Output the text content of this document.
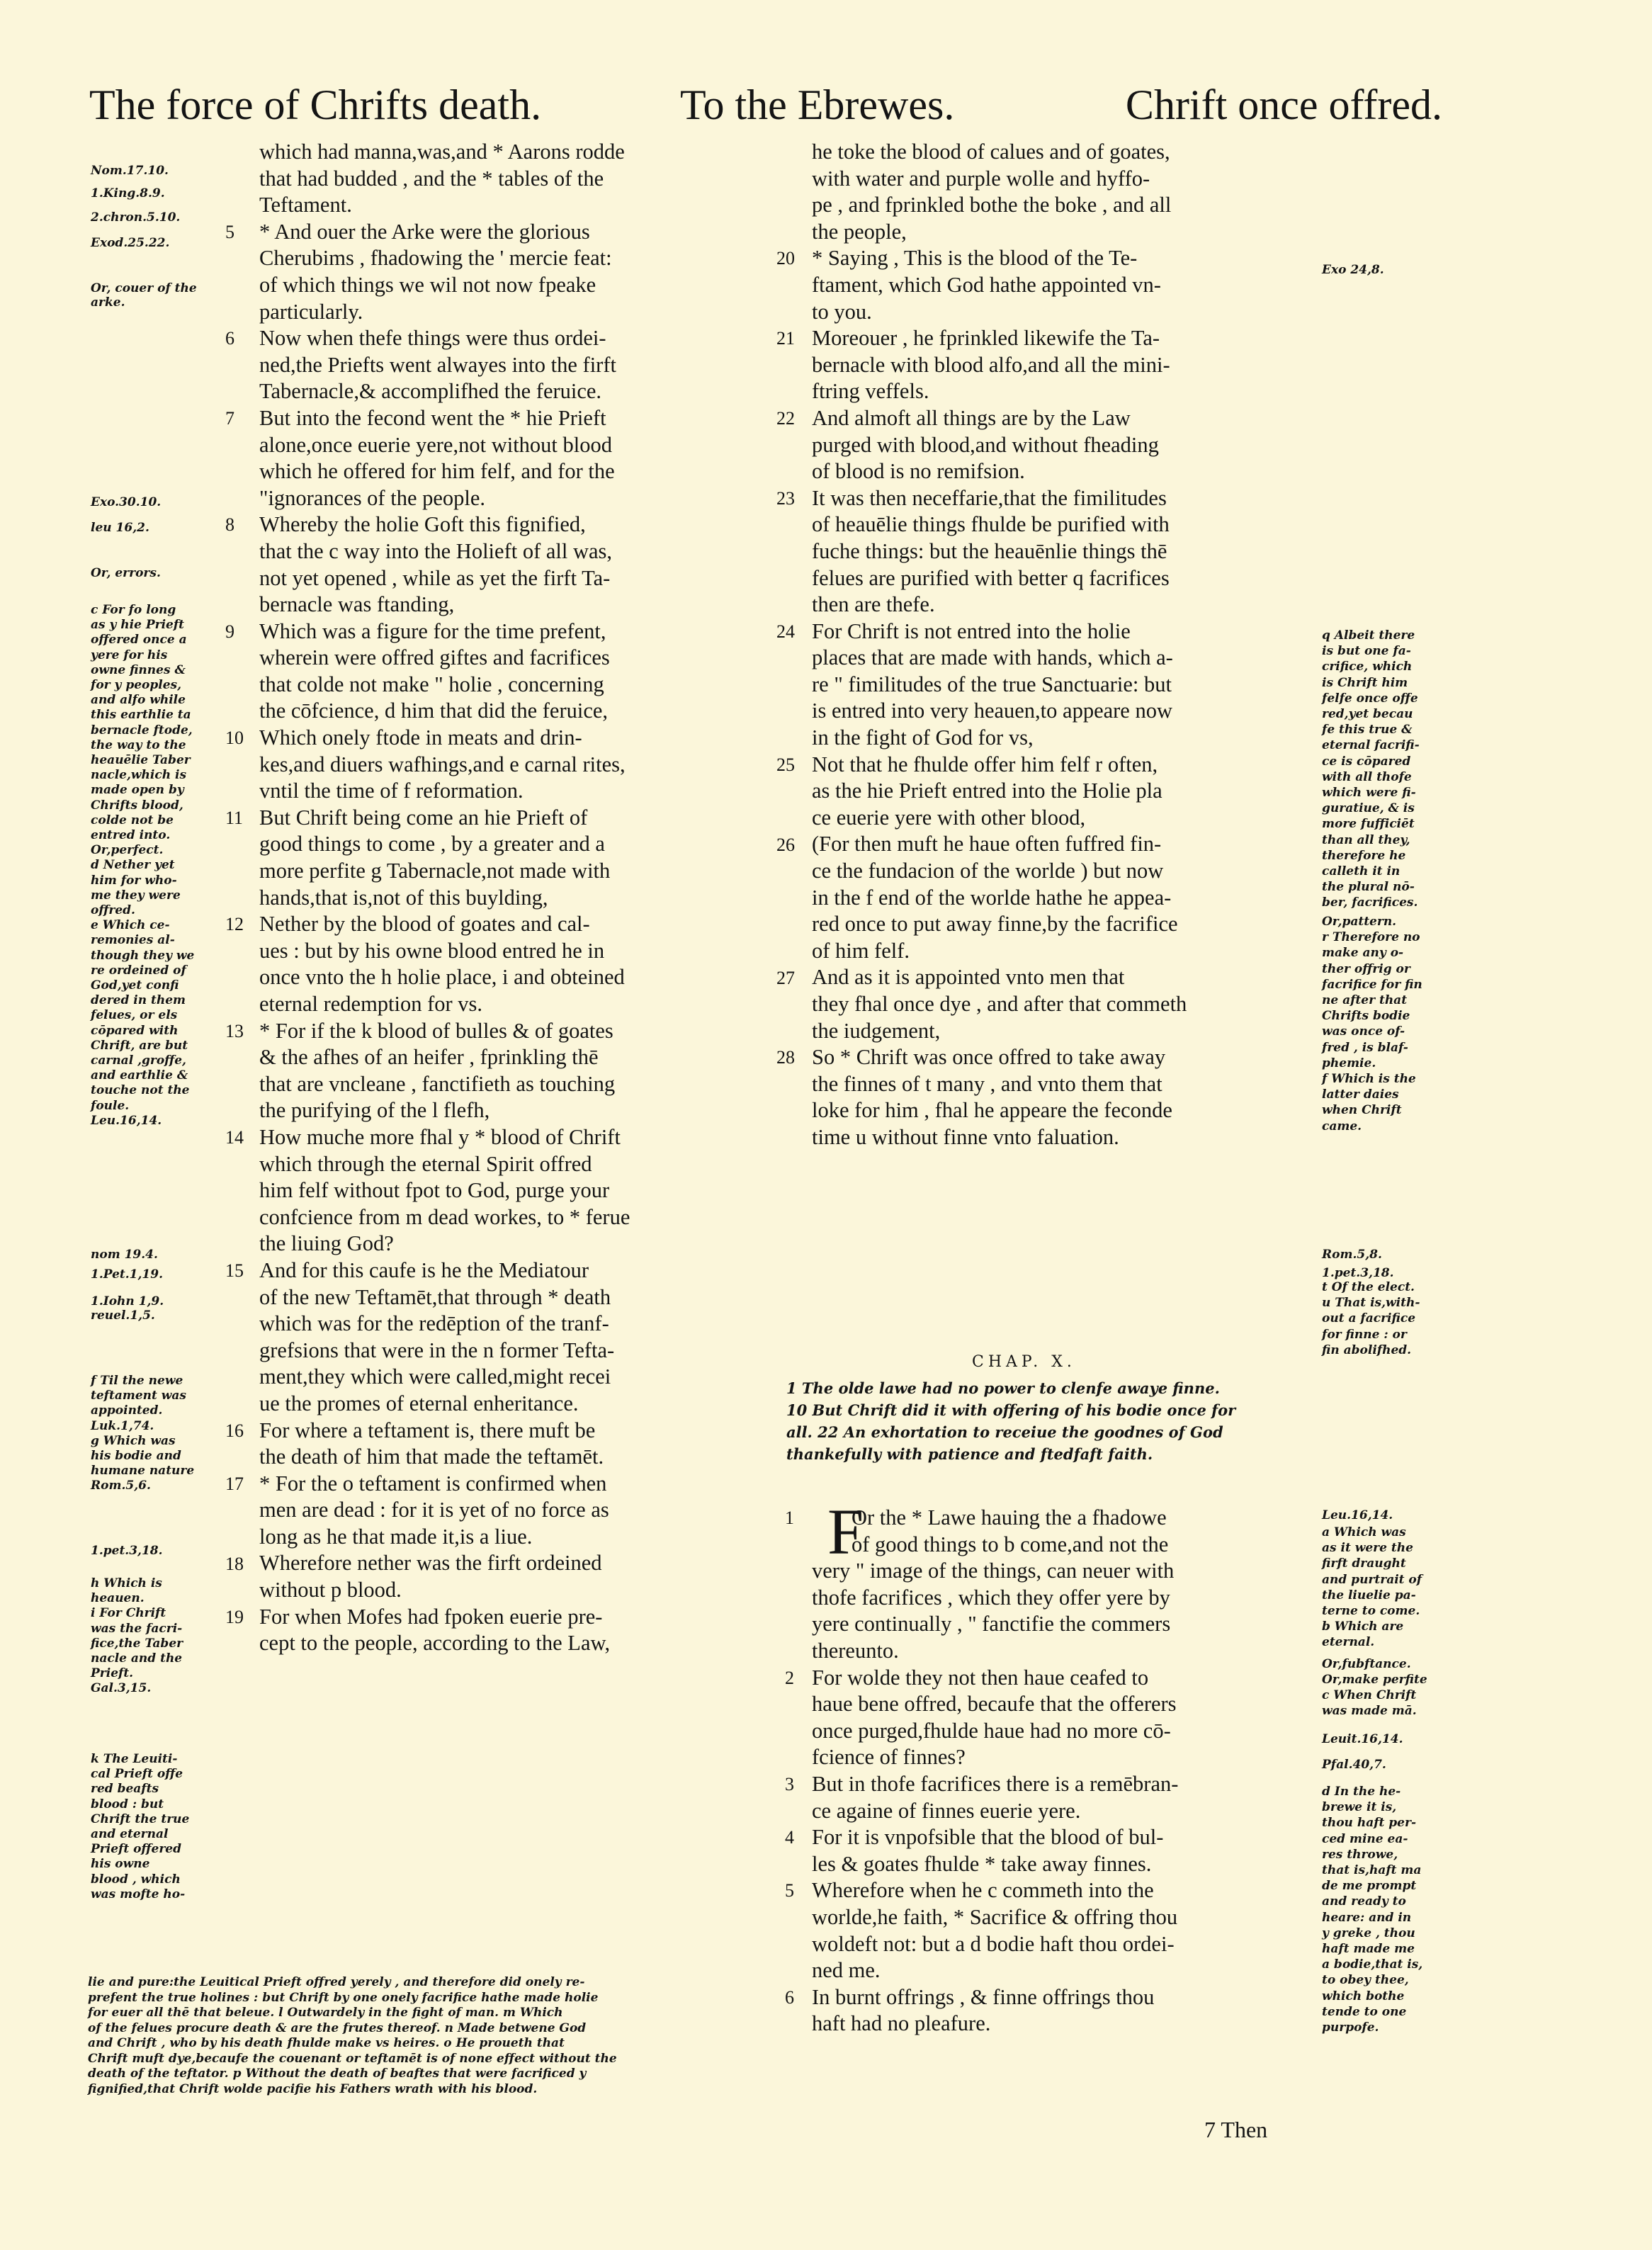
The force of Chrifts death.	To the Ebrewes.	Chrift once offred.
Nom.17.10.
1.King.8.9.
2.chron.5.10.
Exod.25.22.
Or, couer of the
arke.
Exo.30.10.
leu 16,2.
Or, errors.
c For fo long
as y hie Prieft
offered once a
yere for his
owne finnes &
for y peoples,
and alfo while
this earthlie ta
bernacle ftode,
the way to the
heauēlie Taber
nacle,which is
made open by
Chrifts blood,
colde not be
entred into.
Or,perfect.
d Nether yet
him for who-
me they were
offred.
e Which ce-
remonies al-
though they we
re ordeined of
God,yet confi
dered in them
felues, or els
cōpared with
Chrift, are but
carnal ,groffe,
and earthlie &
touche not the
foule.
Leu.16,14.
nom 19.4.
1.Pet.1,19.
1.Iohn 1,9.
reuel.1,5.
f Til the newe
teftament was
appointed.
Luk.1,74.
g Which was
his bodie and
humane nature
Rom.5,6.
1.pet.3,18.
h Which is
heauen.
i For Chrift
was the facri-
fice,the Taber
nacle and the
Prieft.
Gal.3,15.
k The Leuiti-
cal Prieft offe
red beafts
blood : but
Chrift the true
and eternal
Prieft offered
his owne
blood , which
was mofte ho-
5
6
7
8
9
10
11
12
13
14
15
16
17
18
19
which had manna,was,and * Aarons rodde
that had budded , and the * tables of the
Teftament.
* And ouer the Arke were the glorious
Cherubims , fhadowing the ' mercie feat:
of which things we wil not now fpeake
particularly.
Now when thefe things were thus ordei-
ned,the Priefts went alwayes into the firft
Tabernacle,& accomplifhed the feruice.
But into the fecond went the * hie Prieft
alone,once euerie yere,not without blood
which he offered for him felf, and for the
"ignorances of the people.
Whereby the holie Goft this fignified,
that the c way into the Holieft of all was,
not yet opened , while as yet the firft Ta-
bernacle was ftanding,
Which was a figure for the time prefent,
wherein were offred giftes and facrifices
that colde not make " holie , concerning
the cōfcience, d him that did the feruice,
Which onely ftode in meats and drin-
kes,and diuers wafhings,and e carnal rites,
vntil the time of f reformation.
But Chrift being come an hie Prieft of
good things to come , by a greater and a
more perfite g Tabernacle,not made with
hands,that is,not of this buylding,
Nether by the blood of goates and cal-
ues : but by his owne blood entred he in
once vnto the h holie place, i and obteined
eternal redemption for vs.
* For if the k blood of bulles & of goates
& the afhes of an heifer , fprinkling thē
that are vncleane , fanctifieth as touching
the purifying of the l flefh,
How muche more fhal y * blood of Chrift
which through the eternal Spirit offred
him felf without fpot to God, purge your
confcience from m dead workes, to * ferue
the liuing God?
And for this caufe is he the Mediatour
of the new Teftamēt,that through * death
which was for the redēption of the tranf-
grefsions that were in the n former Tefta-
ment,they which were called,might recei
ue the promes of eternal enheritance.
For where a teftament is, there muft be
the death of him that made the teftamēt.
* For the o teftament is confirmed when
men are dead : for it is yet of no force as
long as he that made it,is a liue.
Wherefore nether was the firft ordeined
without p blood.
For when Mofes had fpoken euerie pre-
cept to the people, according to the Law,
20
21
22
23
24
25
26
27
28
he toke the blood of calues and of goates,
with water and purple wolle and hyffo-
pe , and fprinkled bothe the boke , and all
the people,
* Saying , This is the blood of the Te-
ftament, which God hathe appointed vn-
to you.
Moreouer , he fprinkled likewife the Ta-
bernacle with blood alfo,and all the mini-
ftring veffels.
And almoft all things are by the Law
purged with blood,and without fheading
of blood is no remifsion.
It was then neceffarie,that the fimilitudes
of heauēlie things fhulde be purified with
fuche things: but the heauēnlie things thē
felues are purified with better q facrifices
then are thefe.
For Chrift is not entred into the holie
places that are made with hands, which a-
re " fimilitudes of the true Sanctuarie: but
is entred into very heauen,to appeare now
in the fight of God for vs,
Not that he fhulde offer him felf r often,
as the hie Prieft entred into the Holie pla
ce euerie yere with other blood,
(For then muft he haue often fuffred fin-
ce the fundacion of the worlde ) but now
in the f end of the worlde hathe he appea-
red once to put away finne,by the facrifice
of him felf.
And as it is appointed vnto men that
they fhal once dye , and after that commeth
the iudgement,
So * Chrift was once offred to take away
the finnes of t many , and vnto them that
loke for him , fhal he appeare the feconde
time u without finne vnto faluation.
CHAP. X.
1 The olde lawe had no power to clenfe awaye finne.
10 But Chrift did it with offering of his bodie once for
all. 22 An exhortation to receiue the goodnes of God
thankefully with patience and ftedfaft faith.
F
1
2
3
4
5
6
Or the * Lawe hauing the a fhadowe
of good things to b come,and not the
very " image of the things, can neuer with
thofe facrifices , which they offer yere by
yere continually , " fanctifie the commers
thereunto.
For wolde they not then haue ceafed to
haue bene offred, becaufe that the offerers
once purged,fhulde haue had no more cō-
fcience of finnes?
But in thofe facrifices there is a remēbran-
ce againe of finnes euerie yere.
For it is vnpofsible that the blood of bul-
les & goates fhulde * take away finnes.
Wherefore when he c commeth into the
worlde,he faith, * Sacrifice & offring thou
woldeft not: but a d bodie haft thou ordei-
ned me.
In burnt offrings , & finne offrings thou
haft had no pleafure.
Exo 24,8.
q Albeit there
is but one fa-
crifice, which
is Chrift him
felfe once offe
red,yet becau
fe this true &
eternal facrifi-
ce is cōpared
with all thofe
which were fi-
guratiue, & is
more fufficiēt
than all they,
therefore he
calleth it in
the plural nō-
ber, facrifices.
Or,pattern.
r Therefore no
make any o-
ther offrig or
facrifice for fin
ne after that
Chrifts bodie
was once of-
fred , is blaf-
phemie.
f Which is the
latter daies
when Chrift
came.
Rom.5,8.
1.pet.3,18.
t Of the elect.
u That is,with-
out a facrifice
for finne : or
fin abolifhed.
Leu.16,14.
a Which was
as it were the
firft draught
and purtrait of
the liuelie pa-
terne to come.
b Which are
eternal.
Or,fubftance.
Or,make perfite
c When Chrift
was made mā.
Leuit.16,14.
Pfal.40,7.
d In the he-
brewe it is,
thou haft per-
ced mine ea-
res throwe,
that is,haft ma
de me prompt
and ready to
heare: and in
y greke , thou
haft made me
a bodie,that is,
to obey thee,
which bothe
tende to one
purpofe.
lie and pure:the Leuitical Prieft offred yerely , and therefore did onely re-
prefent the true holines : but Chrift by one onely facrifice hathe made holie
for euer all thē that beleue. l Outwardely in the fight of man. m Which
of the felues procure death & are the frutes thereof. n Made betwene God
and Chrift , who by his death fhulde make vs heires. o He proueth that
Chrift muft dye,becaufe the couenant or teftamēt is of none effect without the
death of the teftator. p Without the death of beaftes that were facrificed y
fignified,that Chrift wolde pacifie his Fathers wrath with his blood.
7 Then
